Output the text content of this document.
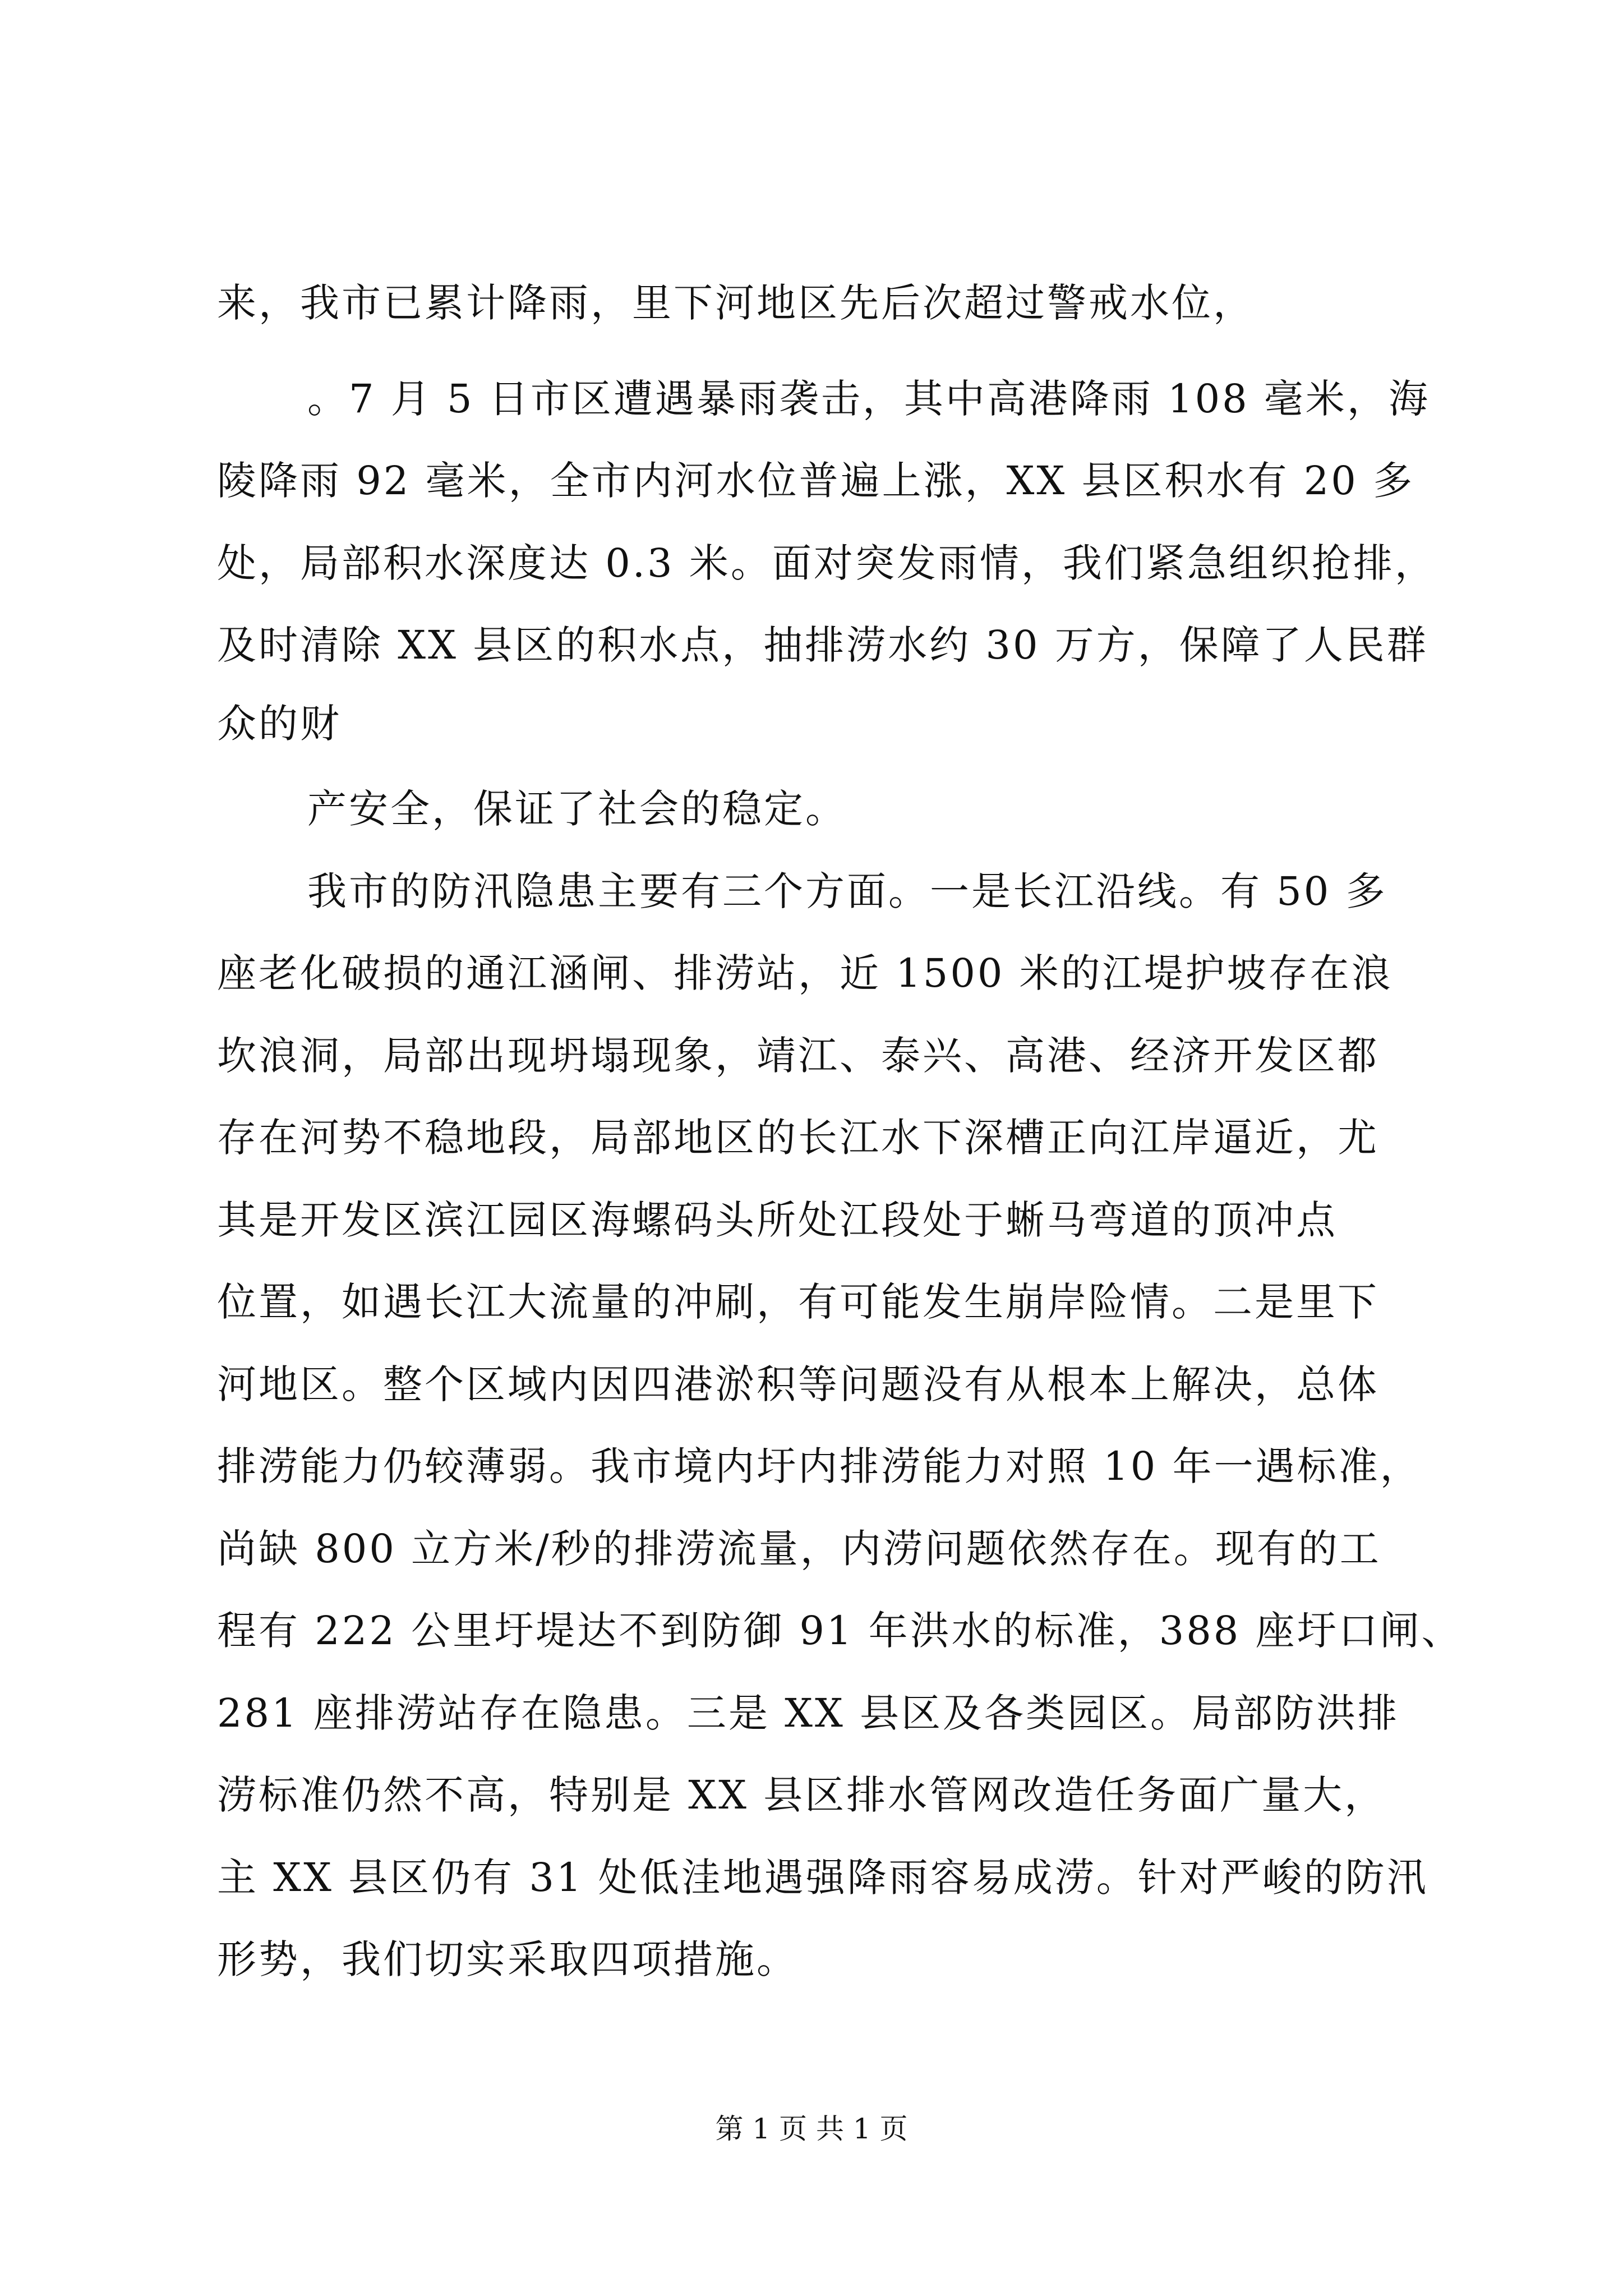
来，我市已累计降雨，里下河地区先后次超过警戒水位，
。7 月 5 日市区遭遇暴雨袭击，其中高港降雨 108 毫米，海
陵降雨 92 毫米，全市内河水位普遍上涨，XX 县区积水有 20 多
处，局部积水深度达 0.3 米。面对突发雨情，我们紧急组织抢排，
及时清除 XX 县区的积水点，抽排涝水约 30 万方，保障了人民群
众的财
产安全，保证了社会的稳定。
我市的防汛隐患主要有三个方面。一是长江沿线。有 50 多
座老化破损的通江涵闸、排涝站，近 1500 米的江堤护坡存在浪
坎浪洞，局部出现坍塌现象，靖江、泰兴、高港、经济开发区都
存在河势不稳地段，局部地区的长江水下深槽正向江岸逼近，尤
其是开发区滨江园区海螺码头所处江段处于蜥马弯道的顶冲点
位置，如遇长江大流量的冲刷，有可能发生崩岸险情。二是里下
河地区。整个区域内因四港淤积等问题没有从根本上解决，总体
排涝能力仍较薄弱。我市境内圩内排涝能力对照 10 年一遇标准，
尚缺 800 立方米/秒的排涝流量，内涝问题依然存在。现有的工
程有 222 公里圩堤达不到防御 91 年洪水的标准，388 座圩口闸、
281 座排涝站存在隐患。三是 XX 县区及各类园区。局部防洪排
涝标准仍然不高，特别是 XX 县区排水管网改造任务面广量大，
主 XX 县区仍有 31 处低洼地遇强降雨容易成涝。针对严峻的防汛
形势，我们切实采取四项措施。
第 1 页 共 1 页
